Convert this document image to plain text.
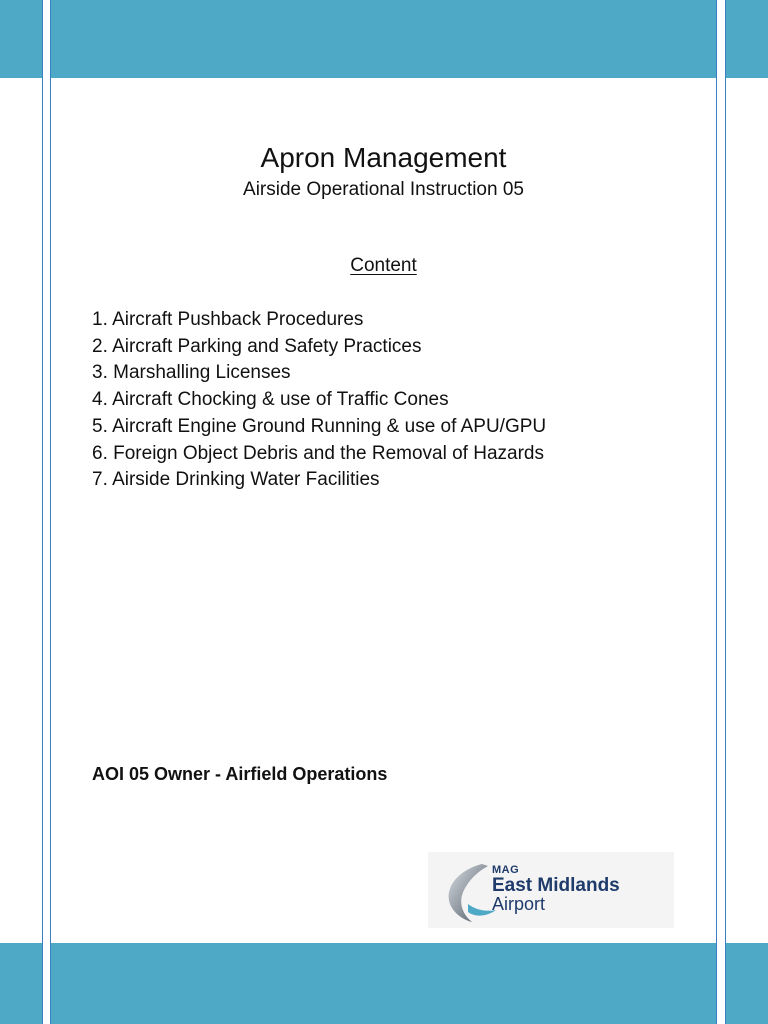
Apron Management
Airside Operational Instruction 05
Content
1. Aircraft Pushback Procedures
2. Aircraft Parking and Safety Practices
3. Marshalling Licenses
4. Aircraft Chocking & use of Traffic Cones
5. Aircraft Engine Ground Running & use of APU/GPU
6. Foreign Object Debris and the Removal of Hazards
7. Airside Drinking Water Facilities
AOI 05 Owner - Airfield Operations
MAG
East Midlands
Airport
